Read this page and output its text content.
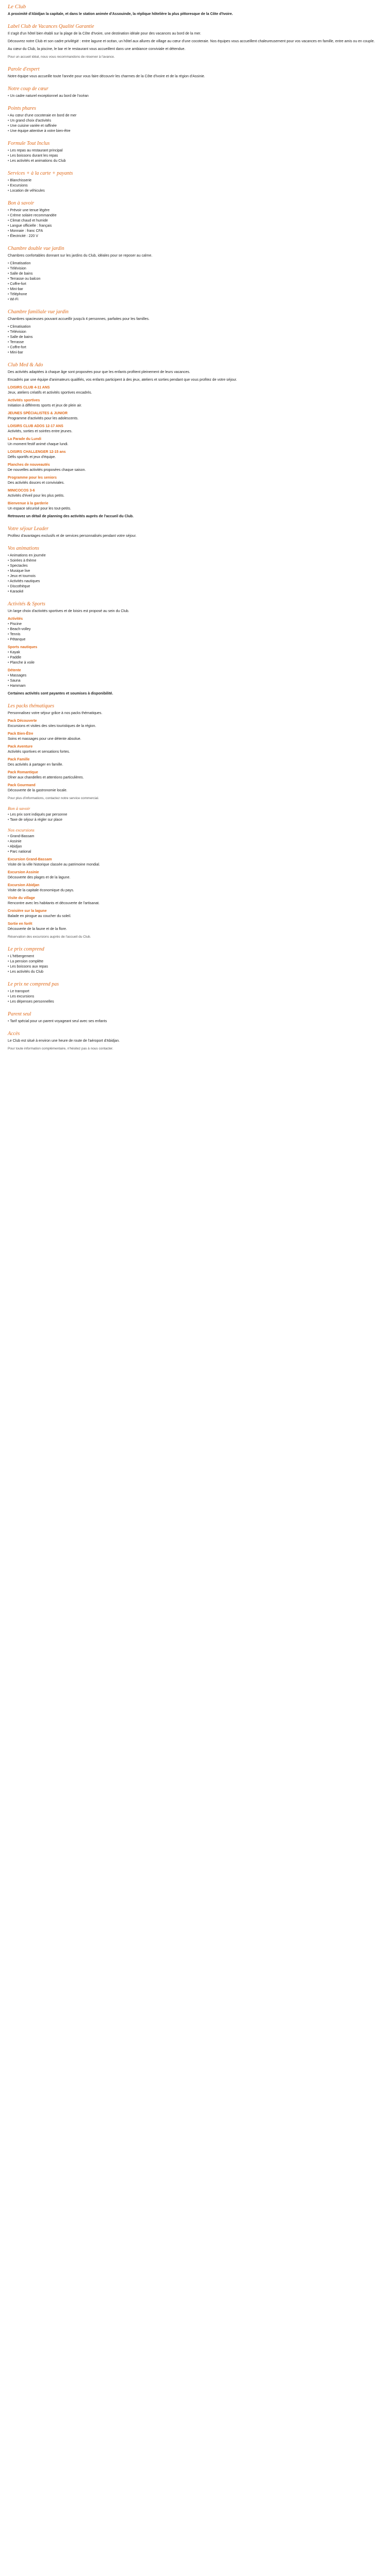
Le Club

A proximité d'Abidjan la capitale, et dans le station animée d'Assouinde, la réplique hôtelière la plus pittoresque de la Côte d'Ivoire.

Label Club de Vacances Qualité Garantie

Il s'agit d'un hôtel bien établi sur la plage de la Côte d'Ivoire, une destination idéale pour des vacances au bord de la mer.

Découvrez notre Club et son cadre privilégié : entre lagune et océan, un hôtel aux allures de village au cœur d'une cocoteraie. Nos équipes vous accueillent chaleureusement pour vos vacances en famille, entre amis ou en couple.

Au cœur du Club, la piscine, le bar et le restaurant vous accueillent dans une ambiance conviviale et détendue.

Pour un accueil idéal, nous vous recommandons de réserver à l'avance.

Parole d'expert

Notre équipe vous accueille toute l'année pour vous faire découvrir les charmes de la Côte d'Ivoire et de la région d'Assinie.

Notre coup de cœur
• Un cadre naturel exceptionnel au bord de l'océan
Points phares
• Au cœur d'une cocoteraie en bord de mer
• Un grand choix d'activités
• Une cuisine variée et raffinée
• Une équipe attentive à votre bien-être
Formule Tout Inclus
• Les repas au restaurant principal
• Les boissons durant les repas
• Les activités et animations du Club
Services + à la carte + payants
• Blanchisserie
• Excursions
• Location de véhicules
Bon à savoir
• Prévoir une tenue légère
• Crème solaire recommandée
• Climat chaud et humide
• Langue officielle : français
• Monnaie : franc CFA
• Électricité : 220 V
Chambre double vue jardin

Chambres confortables donnant sur les jardins du Club, idéales pour se reposer au calme.

• Climatisation
• Télévision
• Salle de bains
• Terrasse ou balcon
• Coffre-fort
• Mini-bar
• Téléphone
• Wi-Fi
Chambre familiale vue jardin

Chambres spacieuses pouvant accueillir jusqu'à 4 personnes, parfaites pour les familles.

• Climatisation
• Télévision
• Salle de bains
• Terrasse
• Coffre-fort
• Mini-bar
Club Med & Ado

Des activités adaptées à chaque âge sont proposées pour que les enfants profitent pleinement de leurs vacances.

Encadrés par une équipe d'animateurs qualifiés, vos enfants participent à des jeux, ateliers et sorties pendant que vous profitez de votre séjour.

LOISIRS CLUB 4-11 ANS

Jeux, ateliers créatifs et activités sportives encadrés.

Activités sportives

Initiation à différents sports et jeux de plein air.

JEUNES SPÉCIALISTES & JUNIOR

Programme d'activités pour les adolescents.

LOISIRS CLUB ADOS 12-17 ANS

Activités, sorties et soirées entre jeunes.

La Parade du Lundi

Un moment festif animé chaque lundi.

LOISIRS CHALLENGER 12-15 ans

Défis sportifs et jeux d'équipe.

Planches de nouveautés

De nouvelles activités proposées chaque saison.

Programme pour les seniors

Des activités douces et conviviales.

MINICOCOS 3-6

Activités d'éveil pour les plus petits.

Bienvenue à la garderie

Un espace sécurisé pour les tout-petits.

Retrouvez un détail de planning des activités auprès de l'accueil du Club.

Votre séjour Leader

Profitez d'avantages exclusifs et de services personnalisés pendant votre séjour.

Vos animations
• Animations en journée
• Soirées à thème
• Spectacles
• Musique live
• Jeux et tournois
• Activités nautiques
• Discothèque
• Karaoké
Activités & Sports

Un large choix d'activités sportives et de loisirs est proposé au sein du Club.

Activités
• Piscine
• Beach-volley
• Tennis
• Pétanque
Sports nautiques
• Kayak
• Paddle
• Planche à voile
Détente
• Massages
• Sauna
• Hammam

Certaines activités sont payantes et soumises à disponibilité.

Les packs thématiques

Personnalisez votre séjour grâce à nos packs thématiques.

Pack Découverte

Excursions et visites des sites touristiques de la région.

Pack Bien-Être

Soins et massages pour une détente absolue.

Pack Aventure

Activités sportives et sensations fortes.

Pack Famille

Des activités à partager en famille.

Pack Romantique

Dîner aux chandelles et attentions particulières.

Pack Gourmand

Découverte de la gastronomie locale.

Pour plus d'informations, contactez notre service commercial.

Bon à savoir
• Les prix sont indiqués par personne
• Taxe de séjour à régler sur place
Nos excursions
• Grand-Bassam
• Assinie
• Abidjan
• Parc national
Excursion Grand-Bassam

Visite de la ville historique classée au patrimoine mondial.

Excursion Assinie

Découverte des plages et de la lagune.

Excursion Abidjan

Visite de la capitale économique du pays.

Visite du village

Rencontre avec les habitants et découverte de l'artisanat.

Croisière sur la lagune

Balade en pirogue au coucher du soleil.

Sortie en forêt

Découverte de la faune et de la flore.

Réservation des excursions auprès de l'accueil du Club.

Le prix comprend
• L'hébergement
• La pension complète
• Les boissons aux repas
• Les activités du Club
Le prix ne comprend pas
• Le transport
• Les excursions
• Les dépenses personnelles
Parent seul
• Tarif spécial pour un parent voyageant seul avec ses enfants
Accès

Le Club est situé à environ une heure de route de l'aéroport d'Abidjan.

Pour toute information complémentaire, n'hésitez pas à nous contacter.
